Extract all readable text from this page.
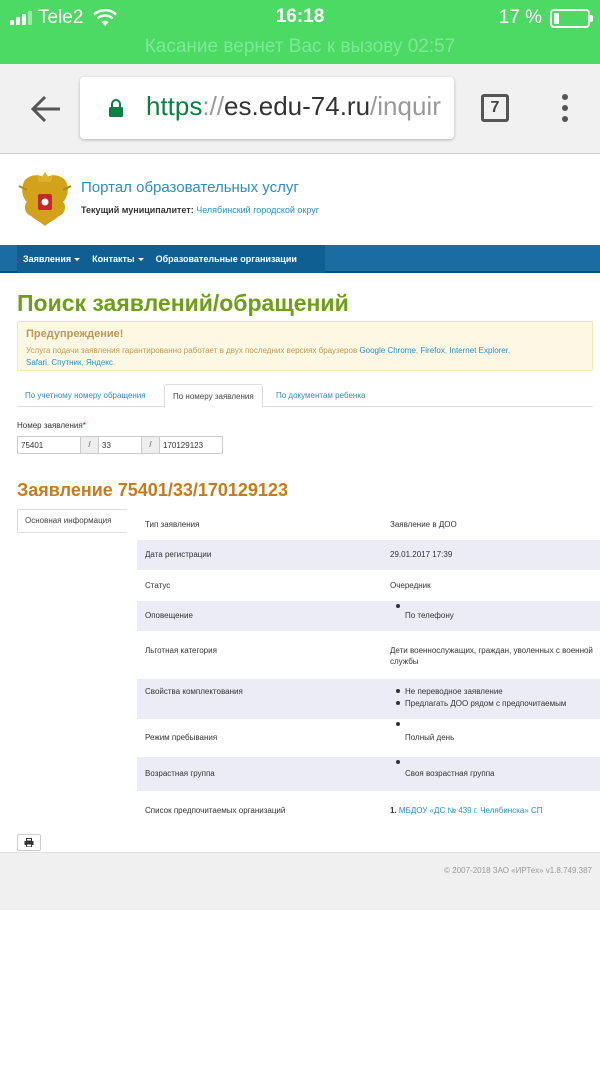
Tele2	16:18	17 %
Касание вернет Вас к вызову 02:57
https://es.edu-74.ru/inquir	7
Портал образовательных услуг
Текущий муниципалитет: Челябинский городской округ
Заявления Контакты Образовательные организации
Поиск заявлений/обращений
Предупреждение!
Услуга подачи заявления гарантированно работает в двух последних версиях браузеров Google Chrome, Firefox, Internet Explorer,
Safari, Спутник, Яндекс.
По учетному номеру обращения	По номеру заявления	По документам ребенка
Номер заявления*
75401
/
33	/
170129123
Заявление 75401/33/170129123
Основная информация	Тип заявления	Заявление в ДОО
Дата регистрации	29.01.2017 17:39
Статус	Очередник
Оповещение	По телефону
Льготная категория	Дети военнослужащих, граждан, уволенных с военной службы
Свойства комплектования	Не переводное заявление
Предлагать ДОО рядом с предпочитаемым
Режим пребывания	Полный день
Возрастная группа	Своя возрастная группа
Список предпочитаемых организаций	1. МБДОУ «ДС № 439 г. Челябинска» СП
© 2007-2018 ЗАО «ИРТех» v1.8.749.387
